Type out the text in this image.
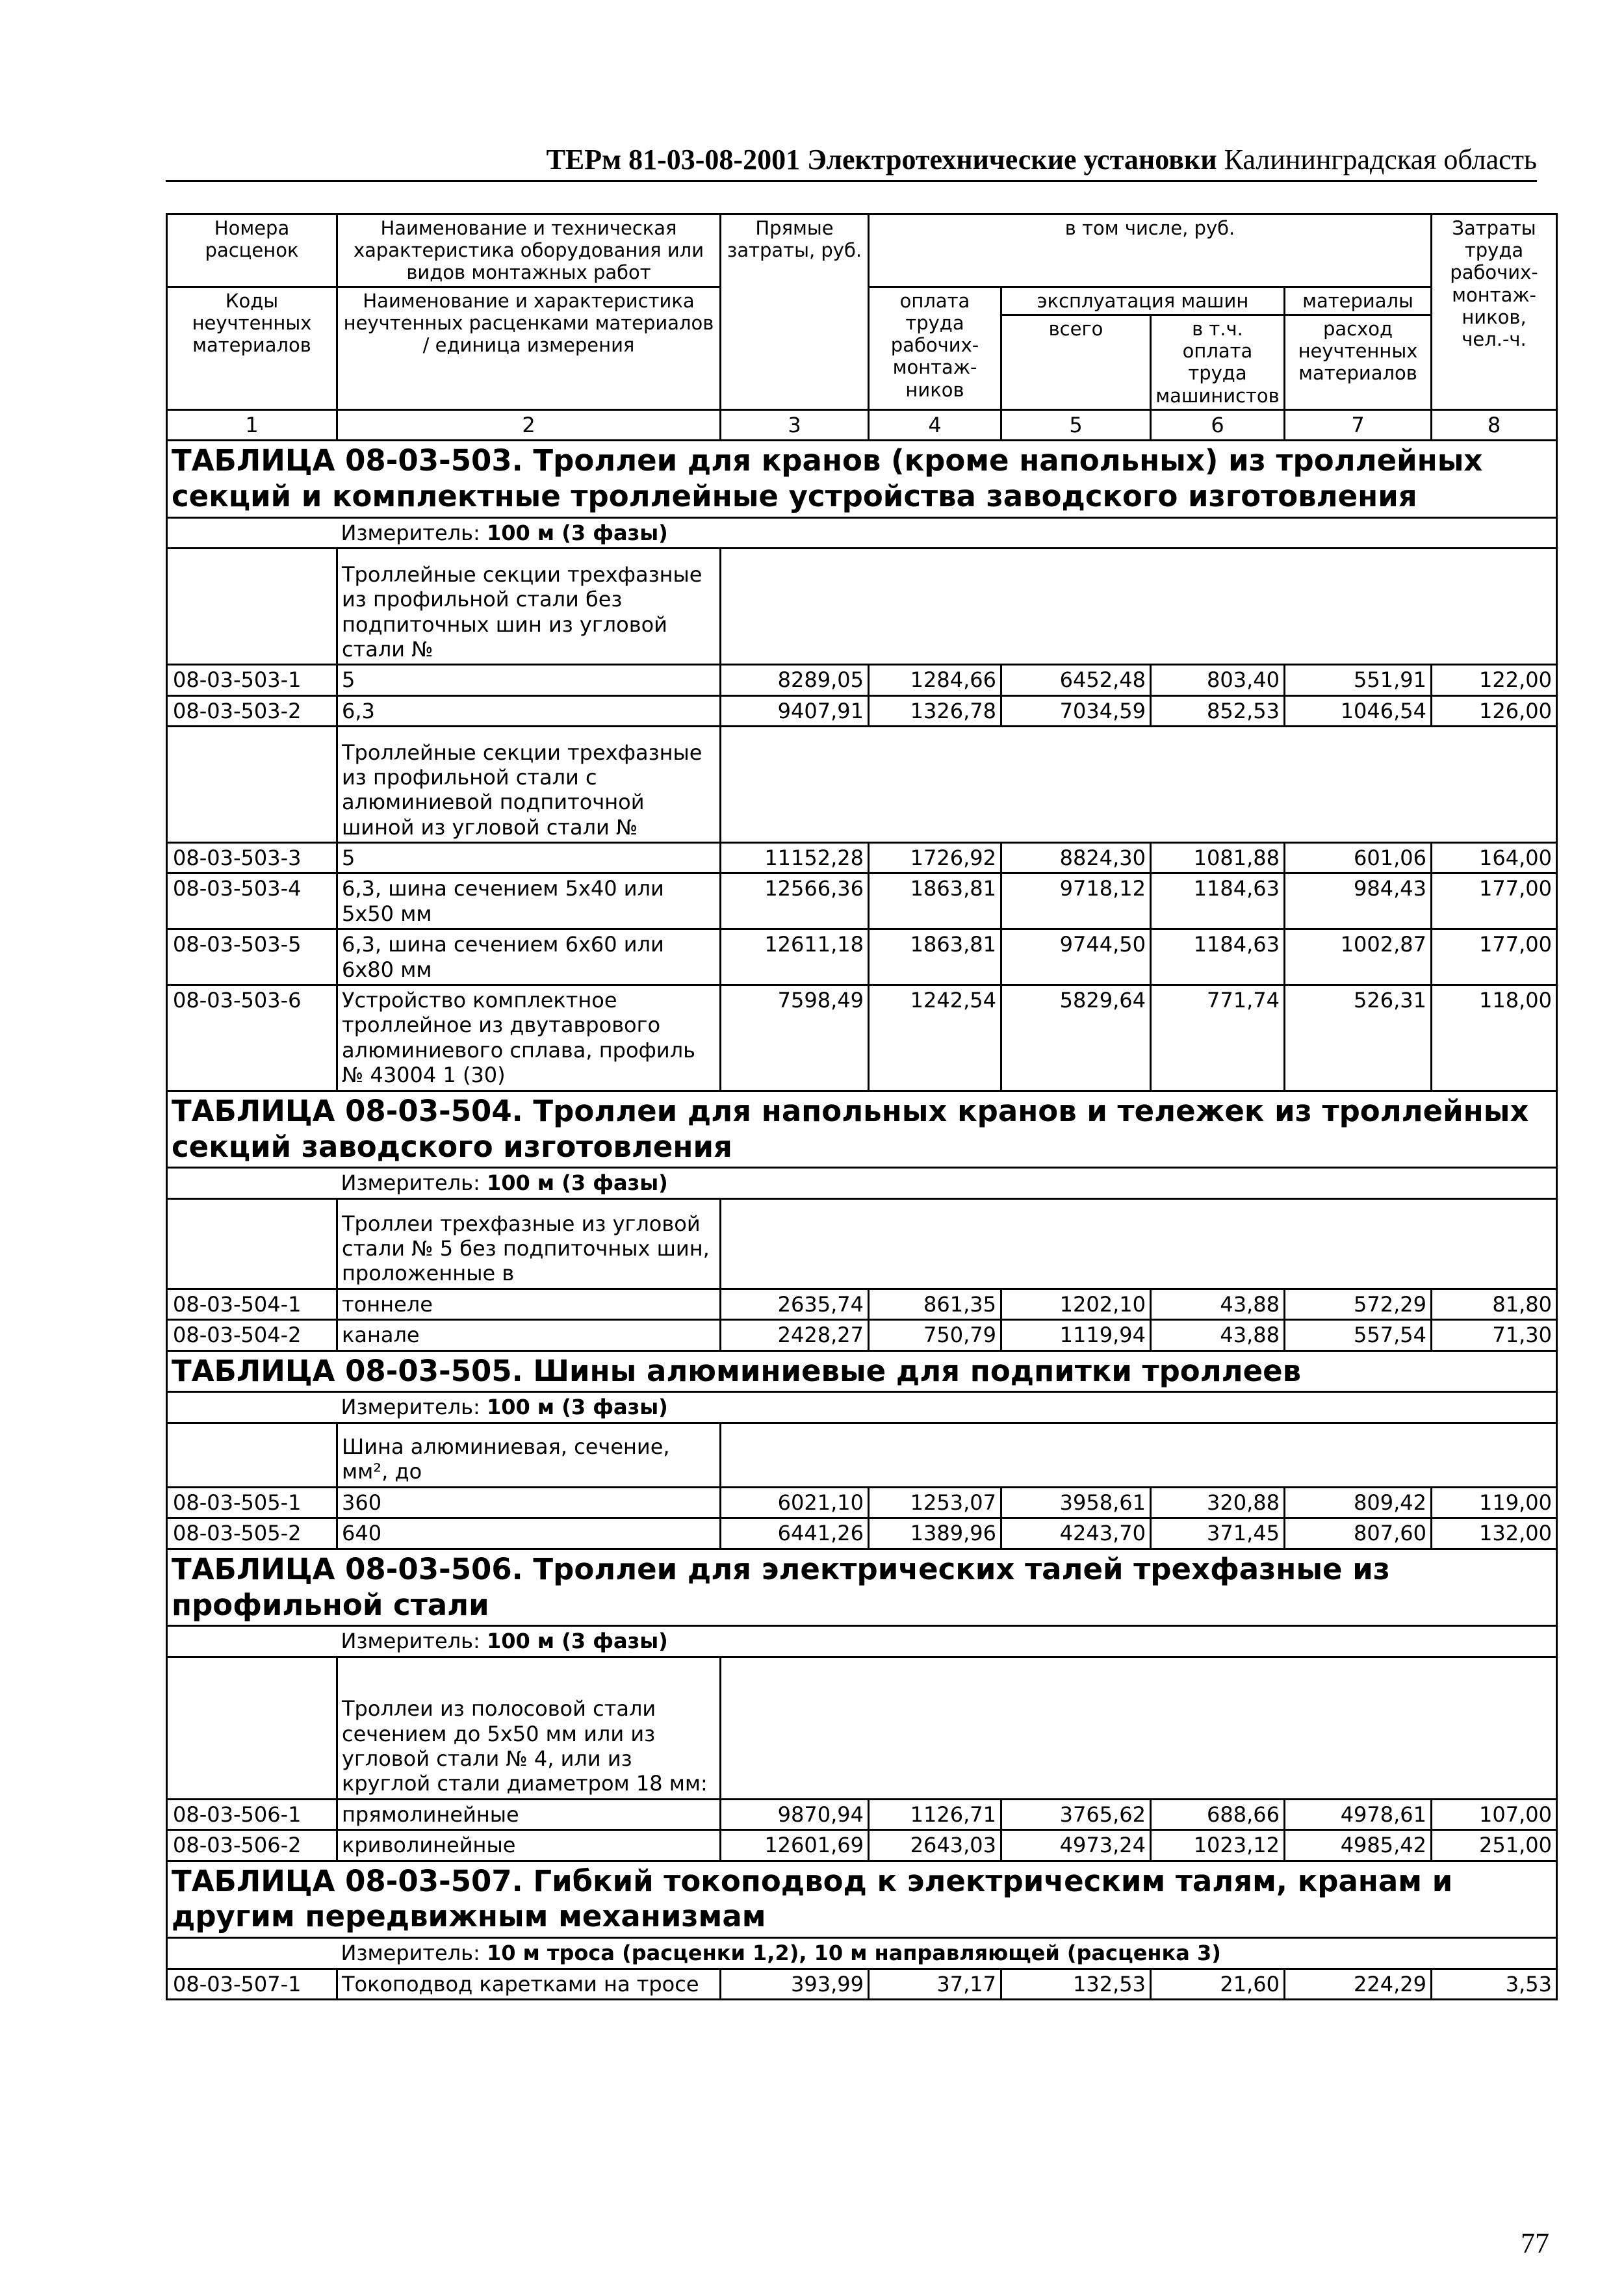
ТЕРм 81-03-08-2001 Электротехнические установки Калининградская область
Номера расценок	Наименование и техническая характеристика оборудования или видов монтажных работ	Прямые затраты, руб.	в том числе, руб.				Затраты труда рабочих-монтаж-ников, чел.-ч.
Коды неучтенных материалов	Наименование и характеристика неучтенных расценками материалов / единица измерения		оплата труда рабочих-монтаж-ников	эксплуатация машин		материалы	
				всего	в т.ч. оплата труда машинистов	расход неучтенных материалов	
1	2	3	4	5	6	7	8

ТАБЛИЦА 08-03-503. Троллеи для кранов (кроме напольных) из троллейных секций и комплектные троллейные устройства заводского изготовления							

	Измеритель: 100 м (3 фазы)						
	Троллейные секции трехфазные из профильной стали без подпиточных шин из угловой стали №						
08-03-503-1	5	8289,05	1284,66	6452,48	803,40	551,91	122,00
08-03-503-2	6,3	9407,91	1326,78	7034,59	852,53	1046,54	126,00
	Троллейные секции трехфазные из профильной стали с алюминиевой подпиточной шиной из угловой стали №						
08-03-503-3	5	11152,28	1726,92	8824,30	1081,88	601,06	164,00
08-03-503-4	6,3, шина сечением 5х40 или 5х50 мм	12566,36	1863,81	9718,12	1184,63	984,43	177,00
08-03-503-5	6,3, шина сечением 6х60 или 6х80 мм	12611,18	1863,81	9744,50	1184,63	1002,87	177,00
08-03-503-6	Устройство комплектное троллейное из двутаврового алюминиевого сплава, профиль № 43004 1 (30)	7598,49	1242,54	5829,64	771,74	526,31	118,00

ТАБЛИЦА 08-03-504. Троллеи для напольных кранов и тележек из троллейных секций заводского изготовления							

	Измеритель: 100 м (3 фазы)						
	Троллеи трехфазные из угловой стали № 5 без подпиточных шин, проложенные в						
08-03-504-1	тоннеле	2635,74	861,35	1202,10	43,88	572,29	81,80
08-03-504-2	канале	2428,27	750,79	1119,94	43,88	557,54	71,30

ТАБЛИЦА 08-03-505. Шины алюминиевые для подпитки троллеев							

	Измеритель: 100 м (3 фазы)						
	Шина алюминиевая, сечение, мм², до						
08-03-505-1	360	6021,10	1253,07	3958,61	320,88	809,42	119,00
08-03-505-2	640	6441,26	1389,96	4243,70	371,45	807,60	132,00

ТАБЛИЦА 08-03-506. Троллеи для электрических талей трехфазные из профильной стали							

	Измеритель: 100 м (3 фазы)						
	Троллеи из полосовой стали сечением до 5х50 мм или из угловой стали № 4, или из круглой стали диаметром 18 мм:						
08-03-506-1	прямолинейные	9870,94	1126,71	3765,62	688,66	4978,61	107,00
08-03-506-2	криволинейные	12601,69	2643,03	4973,24	1023,12	4985,42	251,00

ТАБЛИЦА 08-03-507. Гибкий токоподвод к электрическим талям, кранам и другим передвижным механизмам							

	Измеритель: 10 м троса (расценки 1,2), 10 м направляющей (расценка 3)						
08-03-507-1	Токоподвод каретками на тросе	393,99	37,17	132,53	21,60	224,29	3,53
77
